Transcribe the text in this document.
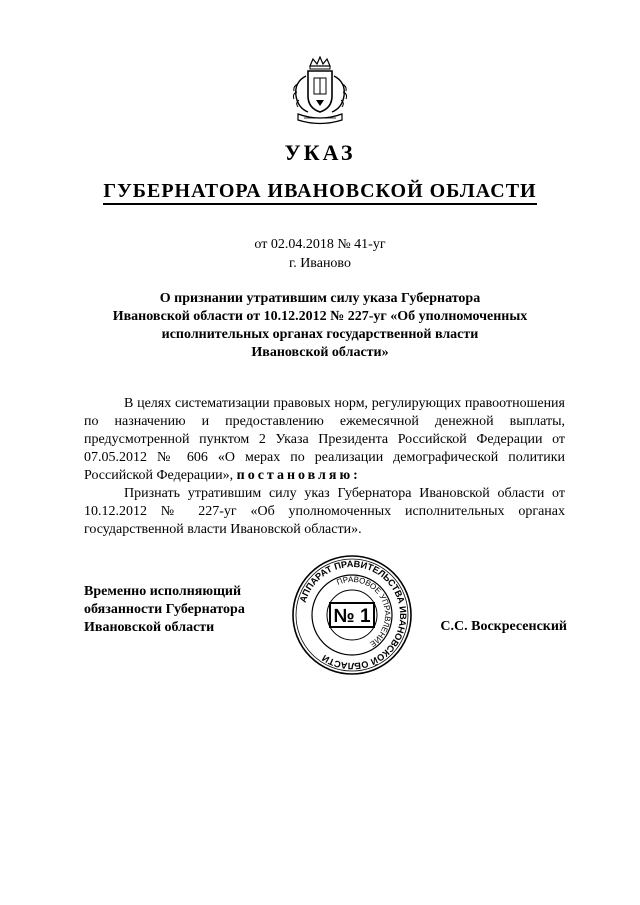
УКАЗ
ГУБЕРНАТОРА ИВАНОВСКОЙ ОБЛАСТИ
от 02.04.2018 № 41-уг
г. Иваново
О признании утратившим силу указа Губернатора
Ивановской области от 10.12.2012 № 227-уг «Об уполномоченных
исполнительных органах государственной власти
Ивановской области»

В целях систематизации правовых норм, регулирующих правоотношения по назначению и предоставлению ежемесячной денежной выплаты, предусмотренной пунктом 2 Указа Президента Российской Федерации от 07.05.2012 № 606 «О мерах по реализации демографической политики Российской Федерации», постановляю:

Признать утратившим силу указ Губернатора Ивановской области от 10.12.2012 № 227-уг «Об уполномоченных исполнительных органах государственной власти Ивановской области».

Временно исполняющий
обязанности Губернатора
Ивановской области
АППАРАТ ПРАВИТЕЛЬСТВА ИВАНОВСКОЙ ОБЛАСТИ
ПРАВОВОЕ УПРАВЛЕНИЕ
№ 1	С.С. Воскресенский
